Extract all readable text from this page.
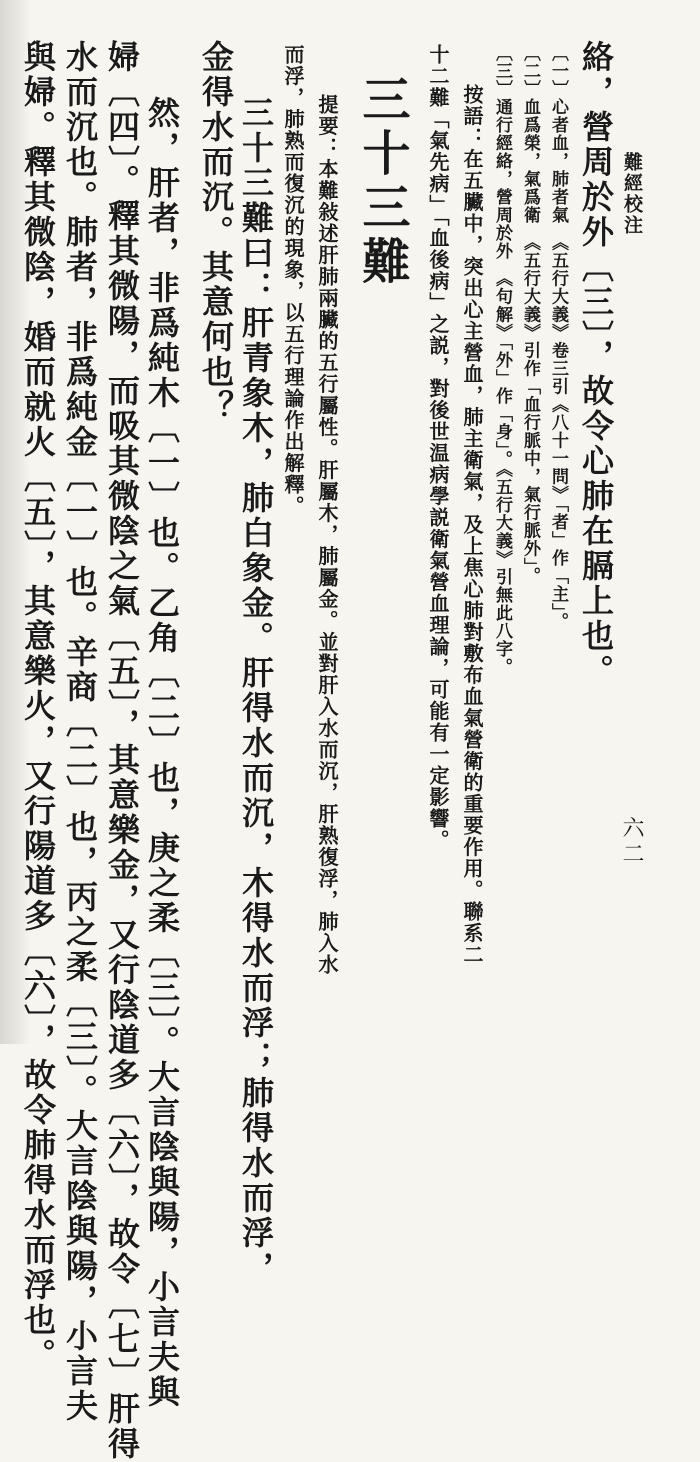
難經校注
六二
絡，營周於外〔三〕，故令心肺在膈上也。
〔一〕心者血，肺者氣　《五行大義》卷三引《八十一問》「者」作「主」。
〔二〕血爲榮，氣爲衛　《五行大義》引作「血行脈中，氣行脈外」。
〔三〕通行經絡，營周於外　《句解》「外」作「身」。《五行大義》引無此八字。
按語：在五臟中，突出心主營血，肺主衛氣，及上焦心肺對敷布血氣營衛的重要作用。聯系二
十二難「氣先病」「血後病」之説，對後世温病學説衛氣營血理論，可能有一定影響。
三十三難
提要：本難敍述肝肺兩臟的五行屬性。肝屬木，肺屬金。並對肝入水而沉，肝熟復浮，肺入水
而浮，肺熟而復沉的現象，以五行理論作出解釋。
三十三難曰：肝青象木，肺白象金。肝得水而沉，木得水而浮；肺得水而浮，
金得水而沉。其意何也？
然，肝者，非爲純木〔一〕也。乙角〔二〕也，庚之柔〔三〕。大言陰與陽，小言夫與
婦〔四〕。釋其微陽，而吸其微陰之氣〔五〕，其意樂金，又行陰道多〔六〕，故令〔七〕肝得
水而沉也。肺者，非爲純金〔一〕也。辛商〔二〕也，丙之柔〔三〕。大言陰與陽，小言夫
與婦。釋其微陰，婚而就火〔五〕，其意樂火，又行陽道多〔六〕，故令肺得水而浮也。
